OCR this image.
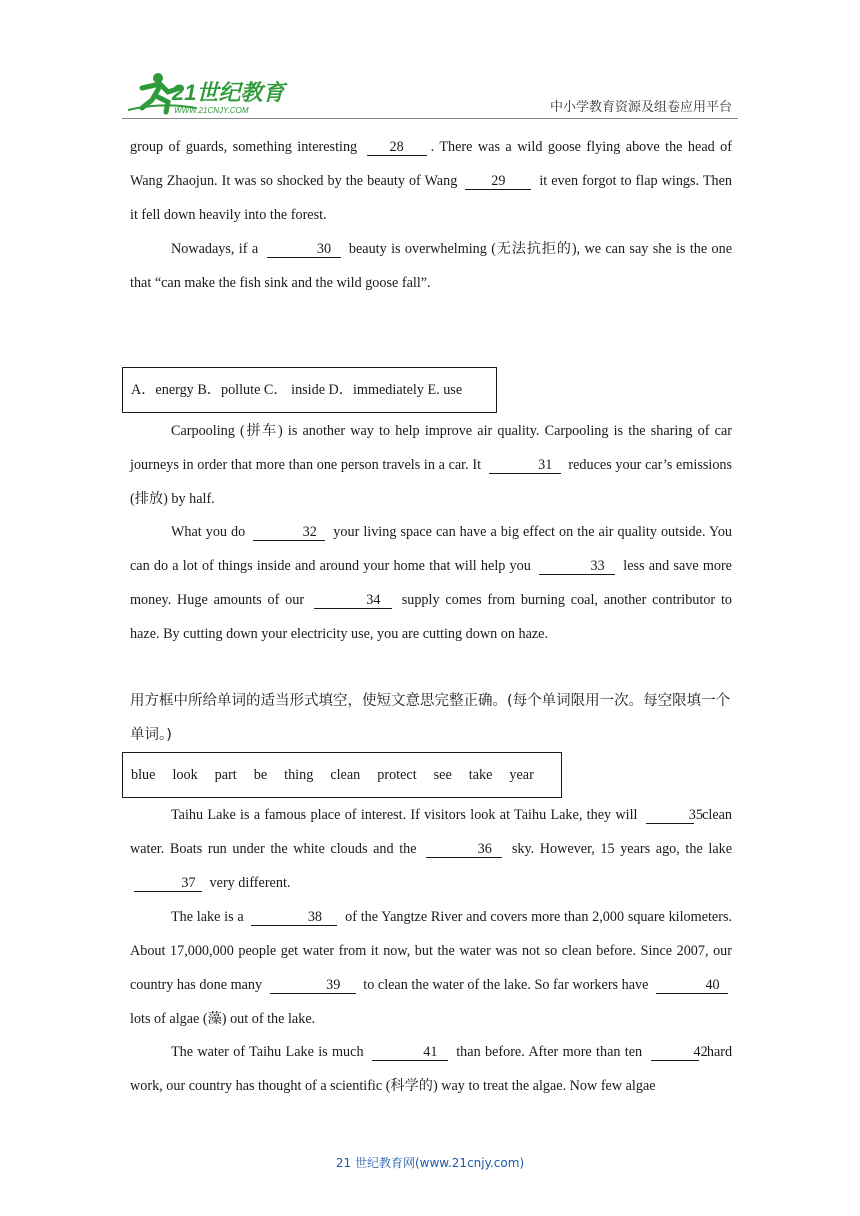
21世纪教育
WWW.21CNJY.COM	中小学教育资源及组卷应用平台
group of guards, something interesting 28 . There was a wild goose flying above the head of Wang Zhaojun. It was so shocked by the beauty of Wang 29 it even forgot to flap wings. Then it fell down heavily into the forest.
Nowadays, if a	30 beauty is overwhelming (无法抗拒的), we can say she is the one that “can make the fish sink and the wild goose fall”.
A．energy B．pollute C． inside D．immediately E. use
Carpooling (拼车) is another way to help improve air quality. Carpooling is the sharing of car journeys in order that more than one person travels in a car. It	31 reduces your car’s emissions (排放) by half.
What you do	32 your living space can have a big effect on the air quality outside. You can do a lot of things inside and around your home that will help you	33 less and save more money. Huge amounts of our	34 supply comes from burning coal, another contributor to haze. By cutting down your electricity use, you are cutting down on haze.
用方框中所给单词的适当形式填空，使短文意思完整正确。(每个单词限用一次。每空限填一个单词。)
blue look part be thing clean protect see take year
Taihu Lake is a famous place of interest. If visitors look at Taihu Lake, they will	35 clean water. Boats run under the white clouds and the	36 sky. However, 15 years ago, the lake 37 very different.
The lake is a	38 of the Yangtze River and covers more than 2,000 square kilometers. About 17,000,000 people get water from it now, but the water was not so clean before. Since 2007, our country has done many	39 to clean the water of the lake. So far workers have	40 lots of algae (藻) out of the lake.
The water of Taihu Lake is much	41 than before. After more than ten	42 hard work, our country has thought of a scientific (科学的) way to treat the algae. Now few algae
21 世纪教育网(www.21cnjy.com)
